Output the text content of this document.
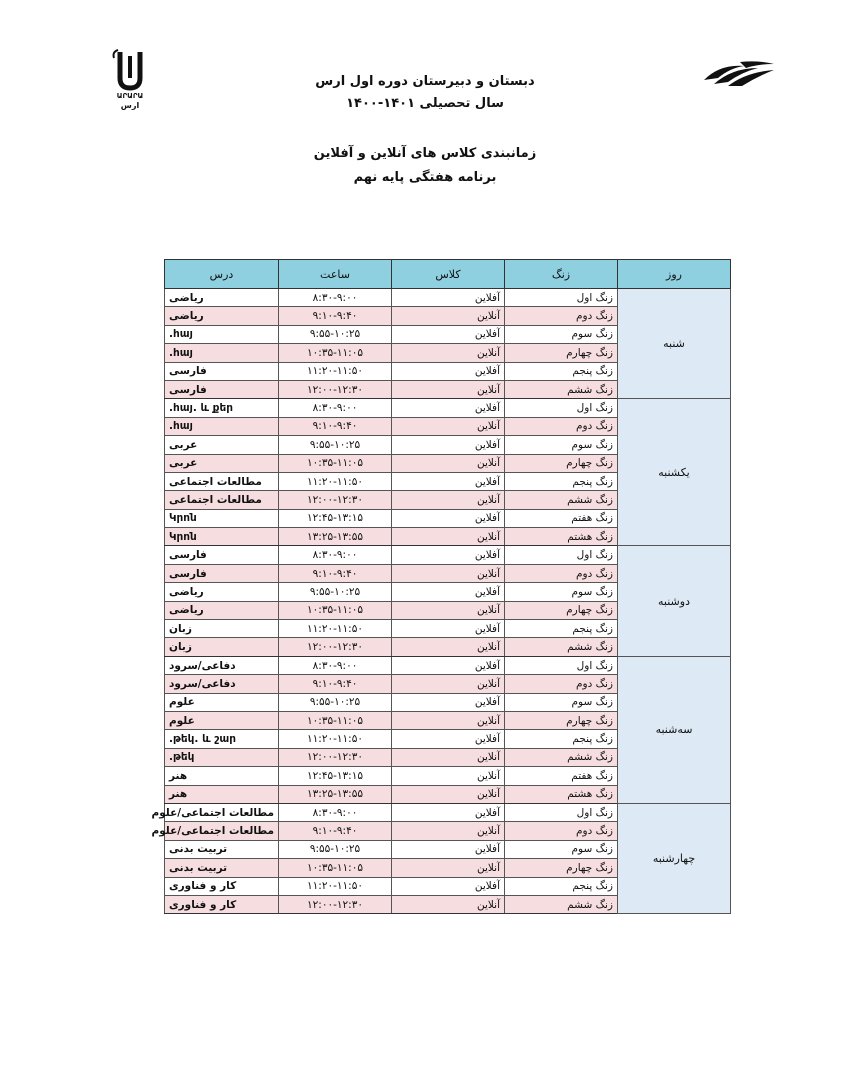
ԱՐԱՐԱ
ارس
دبستان و دبیرستان دوره اول ارس
سال تحصیلی ۱۴۰۱-۱۴۰۰
زمانبندی کلاس های آنلاین و آفلاین
برنامه هفتگی پایه نهم
روز	زنگ	کلاس	ساعت	درس
شنبه	زنگ اول	آفلاین	۸:۳۰-۹:۰۰	ریاضی
	زنگ دوم	آنلاین	۹:۱۰-۹:۴۰	ریاضی
	زنگ سوم	آفلاین	۹:۵۵-۱۰:۲۵	հայ.
	زنگ چهارم	آنلاین	۱۰:۳۵-۱۱:۰۵	հայ.
	زنگ پنجم	آفلاین	۱۱:۲۰-۱۱:۵۰	فارسی
	زنگ ششم	آنلاین	۱۲:۰۰-۱۲:۳۰	فارسی
یکشنبه	زنگ اول	آفلاین	۸:۳۰-۹:۰۰	հայ. և քեր.
	زنگ دوم	آنلاین	۹:۱۰-۹:۴۰	հայ.
	زنگ سوم	آفلاین	۹:۵۵-۱۰:۲۵	عربی
	زنگ چهارم	آنلاین	۱۰:۳۵-۱۱:۰۵	عربی
	زنگ پنجم	آفلاین	۱۱:۲۰-۱۱:۵۰	مطالعات اجتماعی
	زنگ ششم	آنلاین	۱۲:۰۰-۱۲:۳۰	مطالعات اجتماعی
	زنگ هفتم	آفلاین	۱۲:۴۵-۱۳:۱۵	Կրոն
	زنگ هشتم	آنلاین	۱۳:۲۵-۱۳:۵۵	Կրոն
دوشنبه	زنگ اول	آفلاین	۸:۳۰-۹:۰۰	فارسی
	زنگ دوم	آنلاین	۹:۱۰-۹:۴۰	فارسی
	زنگ سوم	آفلاین	۹:۵۵-۱۰:۲۵	ریاضی
	زنگ چهارم	آنلاین	۱۰:۳۵-۱۱:۰۵	ریاضی
	زنگ پنجم	آفلاین	۱۱:۲۰-۱۱:۵۰	زبان
	زنگ ششم	آنلاین	۱۲:۰۰-۱۲:۳۰	زبان
سه‌شنبه	زنگ اول	آفلاین	۸:۳۰-۹:۰۰	دفاعی/سرود
	زنگ دوم	آنلاین	۹:۱۰-۹:۴۰	دفاعی/سرود
	زنگ سوم	آفلاین	۹:۵۵-۱۰:۲۵	علوم
	زنگ چهارم	آنلاین	۱۰:۳۵-۱۱:۰۵	علوم
	زنگ پنجم	آفلاین	۱۱:۲۰-۱۱:۵۰	թեկ. և շար.
	زنگ ششم	آنلاین	۱۲:۰۰-۱۲:۳۰	թեկ.
	زنگ هفتم	آنلاین	۱۲:۴۵-۱۳:۱۵	هنر
	زنگ هشتم	آنلاین	۱۳:۲۵-۱۳:۵۵	هنر
چهارشنبه	زنگ اول	آفلاین	۸:۳۰-۹:۰۰	مطالعات اجتماعی/علوم
	زنگ دوم	آنلاین	۹:۱۰-۹:۴۰	مطالعات اجتماعی/علوم
	زنگ سوم	آفلاین	۹:۵۵-۱۰:۲۵	تربیت بدنی
	زنگ چهارم	آنلاین	۱۰:۳۵-۱۱:۰۵	تربیت بدنی
	زنگ پنجم	آفلاین	۱۱:۲۰-۱۱:۵۰	کار و فناوری
	زنگ ششم	آنلاین	۱۲:۰۰-۱۲:۳۰	کار و فناوری
